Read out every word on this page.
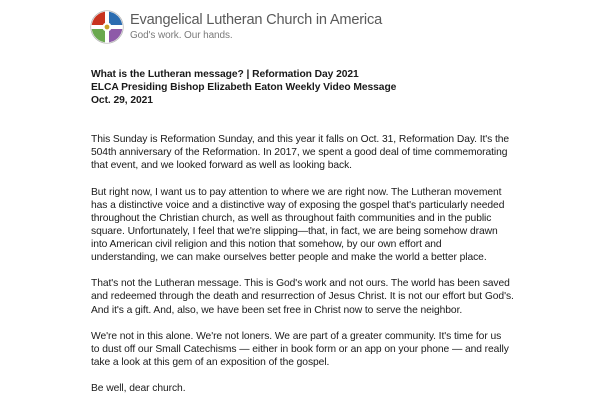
Evangelical Lutheran Church in America
God's work. Our hands.
What is the Lutheran message? | Reformation Day 2021
ELCA Presiding Bishop Elizabeth Eaton Weekly Video Message
Oct. 29, 2021

This Sunday is Reformation Sunday, and this year it falls on Oct. 31, Reformation Day. It's the
504th anniversary of the Reformation. In 2017, we spent a good deal of time commemorating
that event, and we looked forward as well as looking back.

But right now, I want us to pay attention to where we are right now. The Lutheran movement
has a distinctive voice and a distinctive way of exposing the gospel that's particularly needed
throughout the Christian church, as well as throughout faith communities and in the public
square. Unfortunately, I feel that we're slipping—that, in fact, we are being somehow drawn
into American civil religion and this notion that somehow, by our own effort and
understanding, we can make ourselves better people and make the world a better place.

That's not the Lutheran message. This is God's work and not ours. The world has been saved
and redeemed through the death and resurrection of Jesus Christ. It is not our effort but God's.
And it's a gift. And, also, we have been set free in Christ now to serve the neighbor.

We're not in this alone. We're not loners. We are part of a greater community. It's time for us
to dust off our Small Catechisms — either in book form or an app on your phone — and really
take a look at this gem of an exposition of the gospel.

Be well, dear church.
